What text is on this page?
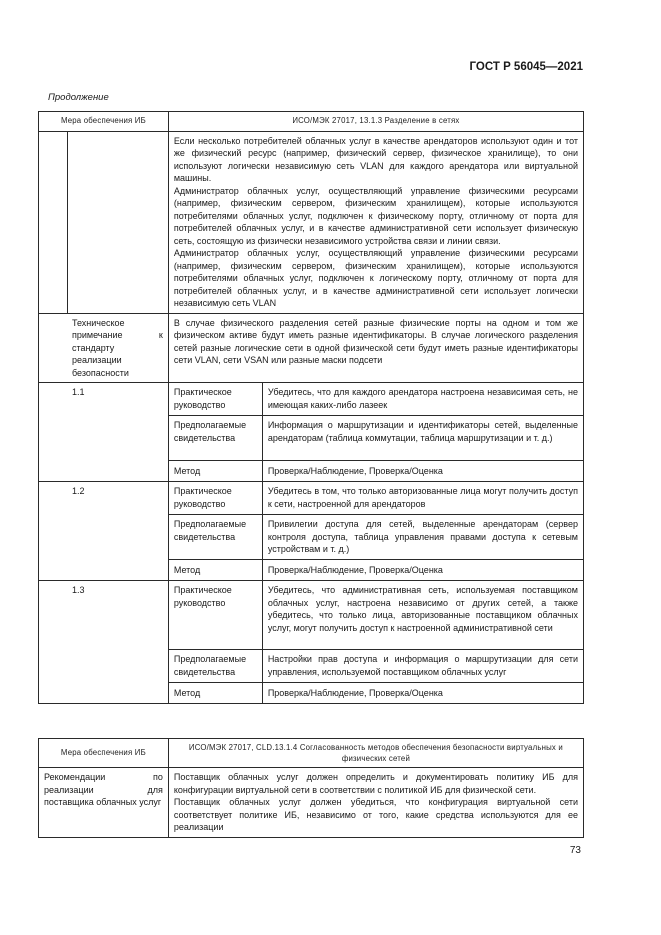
ГОСТ Р 56045—2021
Продолжение
Мера обеспечения ИБ		ИСО/МЭК 27017, 13.1.3 Разделение в сетях	

		Если несколько потребителей облачных услуг в качестве арендаторов используют один и тот же физический ресурс (например, физический сервер, физическое хранилище), то они используют логически независимую сеть VLAN для каждого арендатора или виртуальной машины.

Администратор облачных услуг, осуществляющий управление физическими ресурсами (например, физическим сервером, физическим хранилищем), которые используются потребителями облачных услуг, подключен к физическому порту, отличному от порта для потребителей облачных услуг, и в качестве административной сети использует физическую сеть, состоящую из физически независимого устройства связи и линии связи.

Администратор облачных услуг, осуществляющий управление физическими ресурсами (например, физическим сервером, физическим хранилищем), которые используются потребителями облачных услуг, подключен к логическому порту, отличному от порта для потребителей облачных услуг, и в качестве административной сети использует логически независимую сеть VLAN	

Техническое примечание к стандарту реализации безопасности		В случае физического разделения сетей разные физические порты на одном и том же физическом активе будут иметь разные идентификаторы. В случае логического разделения сетей разные логические сети в одной физической сети будут иметь разные идентификаторы сети VLAN, сети VSAN или разные маски подсети	
1.1		Практическое руководство	Убедитесь, что для каждого арендатора настроена независимая сеть, не имеющая каких-либо лазеек
		Предполагаемые свидетельства	Информация о маршрутизации и идентификаторы сетей, выделенные арендаторам (таблица коммутации, таблица маршрутизации и т. д.)
		Метод	Проверка/Наблюдение, Проверка/Оценка
1.2		Практическое руководство	Убедитесь в том, что только авторизованные лица могут получить доступ к сети, настроенной для арендаторов
		Предполагаемые свидетельства	Привилегии доступа для сетей, выделенные арендаторам (сервер контроля доступа, таблица управления правами доступа к сетевым устройствам и т. д.)
		Метод	Проверка/Наблюдение, Проверка/Оценка
1.3		Практическое руководство	Убедитесь, что административная сеть, используемая поставщиком облачных услуг, настроена независимо от других сетей, а также убедитесь, что только лица, авторизованные поставщиком облачных услуг, могут получить доступ к настроенной административной сети
		Предполагаемые свидетельства	Настройки прав доступа и информация о маршрутизации для сети управления, используемой поставщиком облачных услуг
		Метод	Проверка/Наблюдение, Проверка/Оценка
Мера обеспечения ИБ	ИСО/МЭК 27017, CLD.13.1.4 Согласованность методов обеспечения безопасности виртуальных и физических сетей
Рекомендации по реализации для поставщика облачных услуг	Поставщик облачных услуг должен определить и документировать политику ИБ для конфигурации виртуальной сети в соответствии с политикой ИБ для физической сети.

Поставщик облачных услуг должен убедиться, что конфигурация виртуальной сети соответствует политике ИБ, независимо от того, какие средства используются для ее реализации

73
